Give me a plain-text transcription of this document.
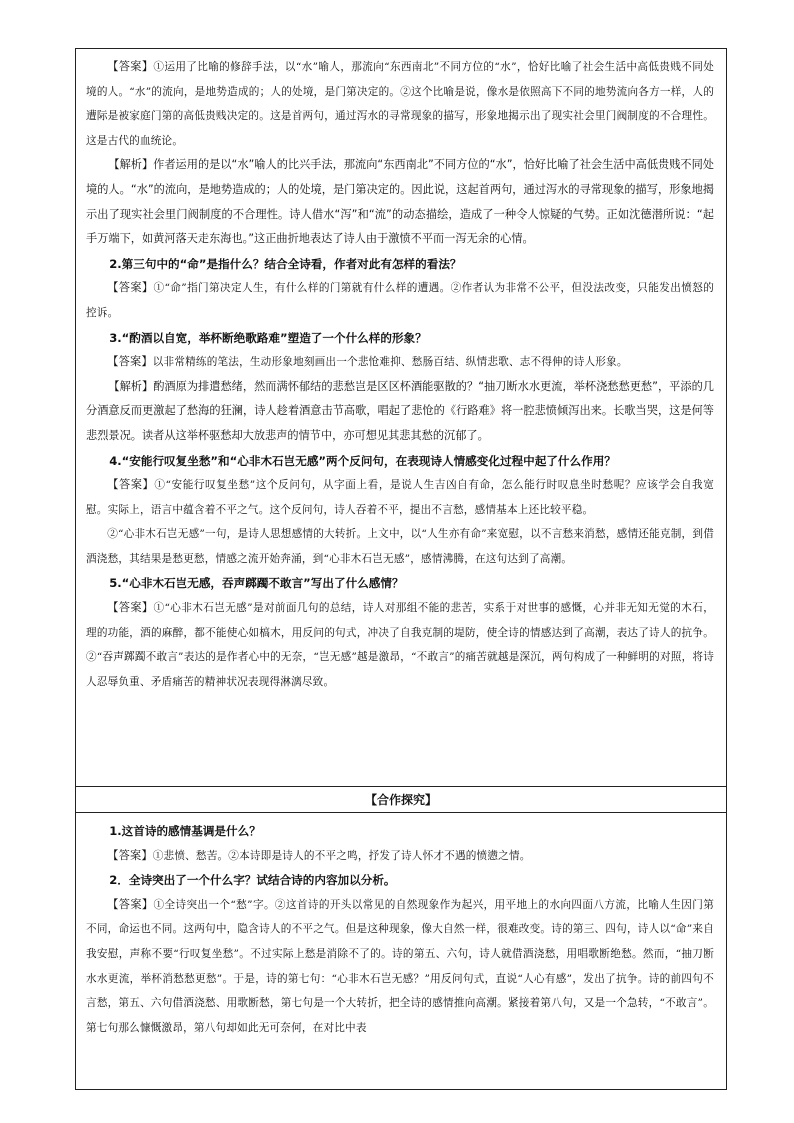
【答案】①运用了比喻的修辞手法，以“水”喻人，那流向“东西南北”不同方位的“水”，恰好比喻了社会生活中高低贵贱不同处境的人。“水”的流向，是地势造成的；人的处境，是门第决定的。②这个比喻是说，像水是依照高下不同的地势流向各方一样，人的遭际是被家庭门第的高低贵贱决定的。这是首两句，通过泻水的寻常现象的描写，形象地揭示出了现实社会里门阀制度的不合理性。这是古代的血统论。

【解析】作者运用的是以“水”喻人的比兴手法，那流向“东西南北”不同方位的“水”，恰好比喻了社会生活中高低贵贱不同处境的人。“水”的流向，是地势造成的；人的处境，是门第决定的。因此说，这起首两句，通过泻水的寻常现象的描写，形象地揭示出了现实社会里门阀制度的不合理性。诗人借水“泻”和“流”的动态描绘，造成了一种令人惊疑的气势。正如沈德潜所说：“起手万端下，如黄河落天走东海也。”这正曲折地表达了诗人由于激愤不平而一泻无余的心情。

2.第三句中的“命”是指什么？结合全诗看，作者对此有怎样的看法？

【答案】①“命”指门第决定人生，有什么样的门第就有什么样的遭遇。②作者认为非常不公平，但没法改变，只能发出愤怒的控诉。

3.“酌酒以自宽，举杯断绝歌路难”塑造了一个什么样的形象？

【答案】以非常精练的笔法，生动形象地刻画出一个悲怆难抑、愁肠百结、纵情悲歌、志不得伸的诗人形象。

【解析】酌酒原为排遣愁绪，然而满怀郁结的悲愁岂是区区杯酒能驱散的？“抽刀断水水更流，举杯浇愁愁更愁”，平添的几分酒意反而更激起了愁海的狂澜，诗人趁着酒意击节高歌，唱起了悲怆的《行路难》将一腔悲愤倾泻出来。长歌当哭，这是何等悲烈景况。读者从这举杯驱愁却大放悲声的情节中，亦可想见其悲其愁的沉郁了。

4.“安能行叹复坐愁”和“心非木石岂无感”两个反问句，在表现诗人情感变化过程中起了什么作用？

【答案】①“安能行叹复坐愁”这个反问句，从字面上看，是说人生吉凶自有命，怎么能行时叹息坐时愁呢？应该学会自我宽慰。实际上，语言中蕴含着不平之气。这个反问句，诗人吞着不平，提出不言愁，感情基本上还比较平稳。

②“心非木石岂无感”一句，是诗人思想感情的大转折。上文中，以“人生亦有命”来宽慰，以不言愁来消愁，感情还能克制，到借酒浇愁，其结果是愁更愁，情感之流开始奔涌，到“心非木石岂无感”，感情沸腾，在这句达到了高潮。

5.“心非木石岂无感，吞声踯躅不敢言”写出了什么感情？

【答案】①“心非木石岂无感”是对前面几句的总结，诗人对那组不能的悲苦，实系于对世事的感慨，心并非无知无觉的木石，理的功能，酒的麻醉，都不能使心如槁木，用反问的句式，冲决了自我克制的堤防，使全诗的情感达到了高潮，表达了诗人的抗争。②“吞声踯躅不敢言”表达的是作者心中的无奈，“岂无感”越是激昂，“不敢言”的痛苦就越是深沉，两句构成了一种鲜明的对照，将诗人忍辱负重、矛盾痛苦的精神状况表现得淋漓尽致。

【合作探究】

1.这首诗的感情基调是什么？

【答案】①悲愤、愁苦。②本诗即是诗人的不平之鸣，抒发了诗人怀才不遇的愤懑之情。

2．全诗突出了一个什么字？试结合诗的内容加以分析。

【答案】①全诗突出一个“愁”字。②这首诗的开头以常见的自然现象作为起兴，用平地上的水向四面八方流，比喻人生因门第不同，命运也不同。这两句中，隐含诗人的不平之气。但是这种现象，像大自然一样，很难改变。诗的第三、四句，诗人以“命”来自我安慰，声称不要“行叹复坐愁”。不过实际上愁是消除不了的。诗的第五、六句，诗人就借酒浇愁，用唱歌断绝愁。然而，“抽刀断水水更流，举杯消愁愁更愁”。于是，诗的第七句：“心非木石岂无感？”用反问句式，直说“人心有感”，发出了抗争。诗的前四句不言愁，第五、六句借酒浇愁、用歌断愁，第七句是一个大转折，把全诗的感情推向高潮。紧接着第八句，又是一个急转，“不敢言”。第七句那么慷慨激昂，第八句却如此无可奈何，在对比中表
